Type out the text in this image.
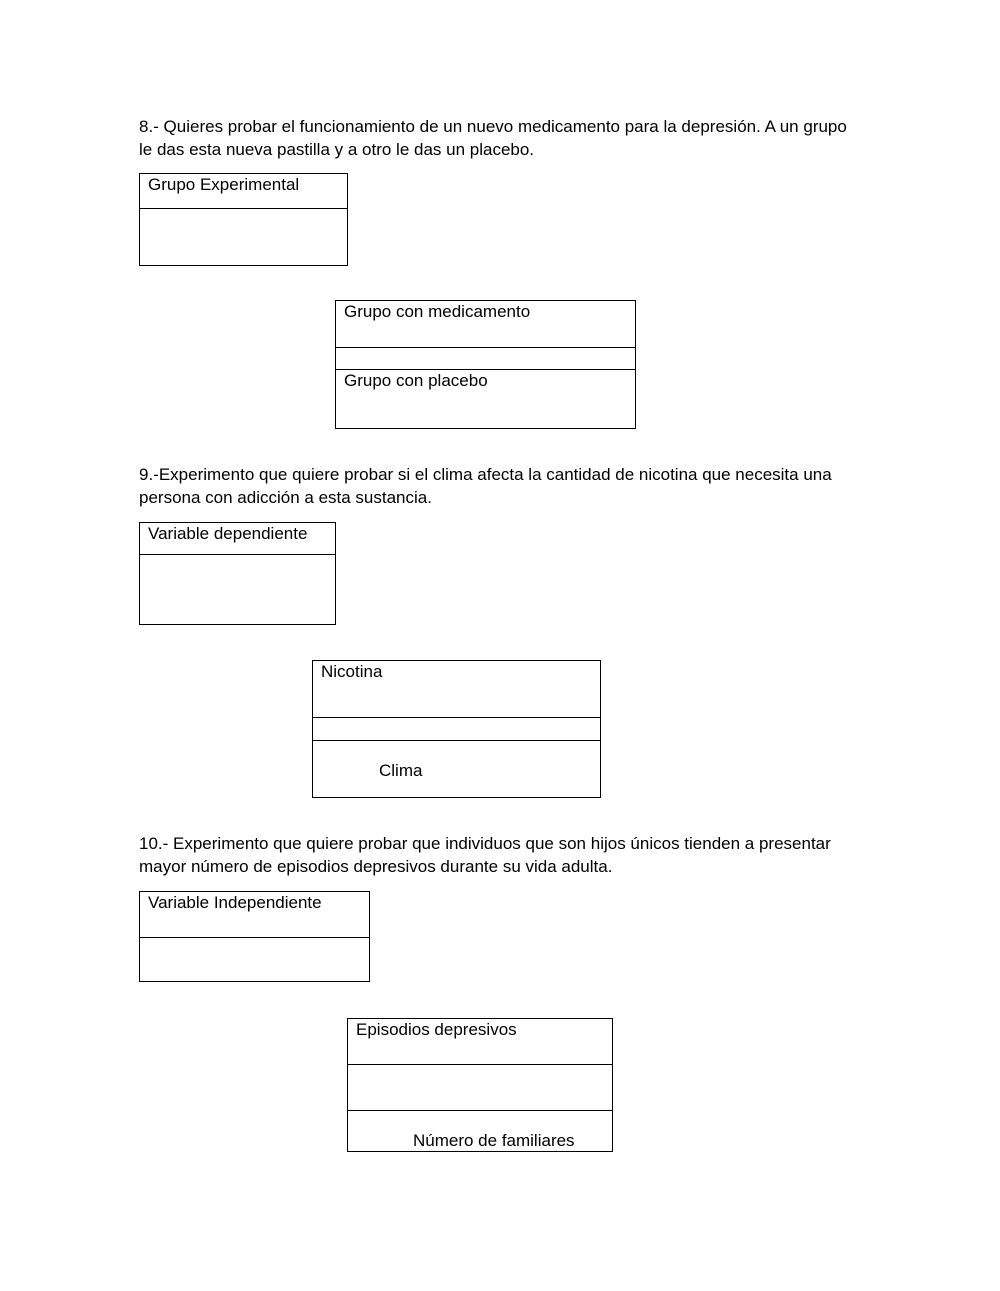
8.- Quieres probar el funcionamiento de un nuevo medicamento para la depresión. A un grupo le das esta nueva pastilla y a otro le das un placebo.

Grupo Experimental
Grupo con medicamento
Grupo con placebo

9.-Experimento que quiere probar si el clima afecta la cantidad de nicotina que necesita una persona con adicción a esta sustancia.

Variable dependiente
Nicotina
Clima

10.- Experimento que quiere probar que individuos que son hijos únicos tienden a presentar mayor número de episodios depresivos durante su vida adulta.

Variable Independiente
Episodios depresivos
Número de familiares
